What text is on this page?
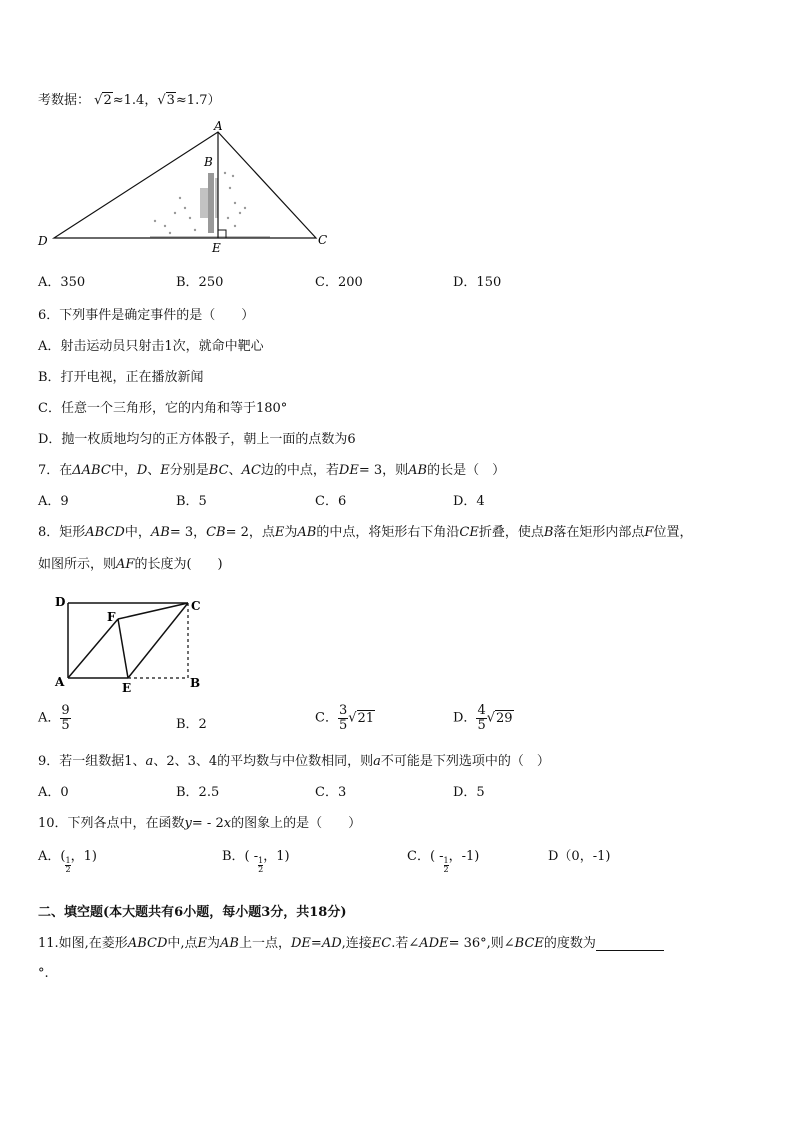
考数据： √2≈1.4，√3≈1.7）
A
B
C
D	E
A．350	B．250	C．200	D．150
6．下列事件是确定事件的是（　　）
A．射击运动员只射击1次，就命中靶心
B．打开电视，正在播放新闻
C．任意一个三角形，它的内角和等于180°
D．抛一枚质地均匀的正方体骰子，朝上一面的点数为6
7．在ΔABC中，D、E分别是BC、AC边的中点，若DE= 3，则AB的长是（　）
A．9	B．5	C．6	D．4
8．矩形ABCD中，AB= 3，CB= 2，点E为AB的中点，将矩形右下角沿CE折叠，使点B落在矩形内部点F位置，
如图所示，则AF的长度为(　　)
D	C
F
A	E	B
A． $\frac{9}{5}$	B．2	C． $\frac{3}{5} √21$	D． $\frac{4}{5} √29$
9．若一组数据1、a、2、3、4的平均数与中位数相同，则a不可能是下列选项中的（　）
A．0	B．2.5	C．3	D．5
10．下列各点中，在函数y= - 2x的图象上的是（　　）
A．(
$\frac{1}{2}$
，1)	B．( -
$\frac{1}{2}$
，1)	C．( -
$\frac{1}{2}$
，-1)	D（0，-1)
二、填空题(本大题共有6小题，每小题3分，共18分)
11.如图,在菱形ABCD中,点E为AB上一点，DE=AD,连接EC.若∠ADE= 36°,则∠BCE的度数为
°.
